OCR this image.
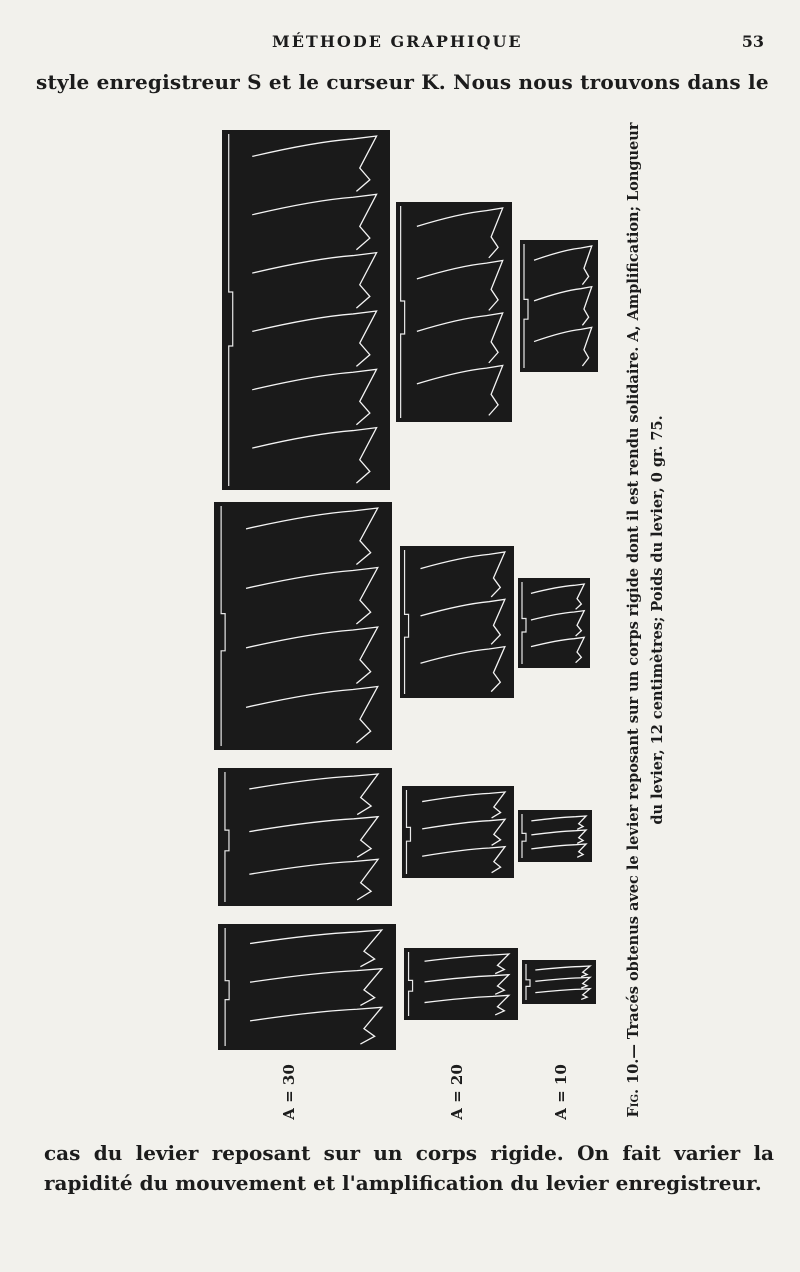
MÉTHODE GRAPHIQUE	53
style enregistreur S et le curseur K. Nous nous trouvons dans le
A = 30	A = 20	A = 10	Fig. 10.— Tracés obtenus avec le levier reposant sur un corps rigide dont il est rendu solidaire. A, Amplification; Longueur du levier, 12 centimètres; Poids du levier, 0 gr. 75.
cas du levier reposant sur un corps rigide. On fait varier la rapidité du mouvement et l'amplification du levier enregistreur.
